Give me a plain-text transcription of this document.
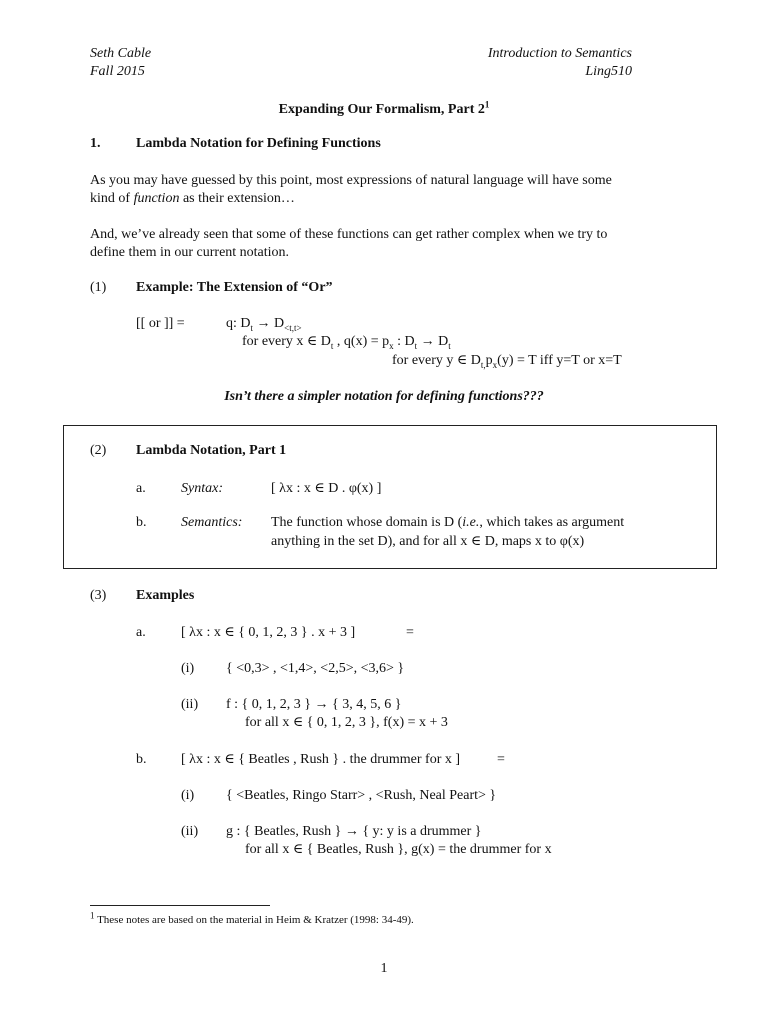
Seth Cable
Fall 2015
Introduction to Semantics
Ling510
Expanding Our Formalism, Part $2^1$
1.	Lambda Notation for Defining Functions
As you may have guessed by this point, most expressions of natural language will have some
kind of function as their extension…
And, we’ve already seen that some of these functions can get rather complex when we try to
define them in our current notation.
(1) Example: The Extension of “Or”
[[ or ]] =	q: $D_t \to D_{<t,t>}$
for every x ∈ $D_t$ , $q(x) = p_x$ : $D_t \to D_t$
for every y ∈ $D_{t,}p_x(y) = T$ iff y=T or x=T
Isn’t there a simpler notation for defining functions???
(2) Lambda Notation, Part 1
a.	Syntax:	[ λx : x ∈ D . φ(x) ]
b. Semantics: The function whose domain is D (i.e., which takes as argument
anything in the set D), and for all x ∈ D, maps x to φ(x)
(3) Examples
a.	[ λx : x ∈ { 0, 1, 2, 3 } . x + 3 ]	=
(i) { <0,3> , <1,4>, <2,5>, <3,6> }
(ii) f : { 0, 1, 2, 3 } → { 3, 4, 5, 6 }
for all x ∈ { 0, 1, 2, 3 }, f(x) = x + 3
b. [ λx : x ∈ { Beatles , Rush } . the drummer for x ]	=
(i) { <Beatles, Ringo Starr> , <Rush, Neal Peart> }
(ii) g : { Beatles, Rush } → { y: y is a drummer }
for all x ∈ { Beatles, Rush }, g(x) = the drummer for x
$^1$ These notes are based on the material in Heim & Kratzer (1998: 34-49).
1
